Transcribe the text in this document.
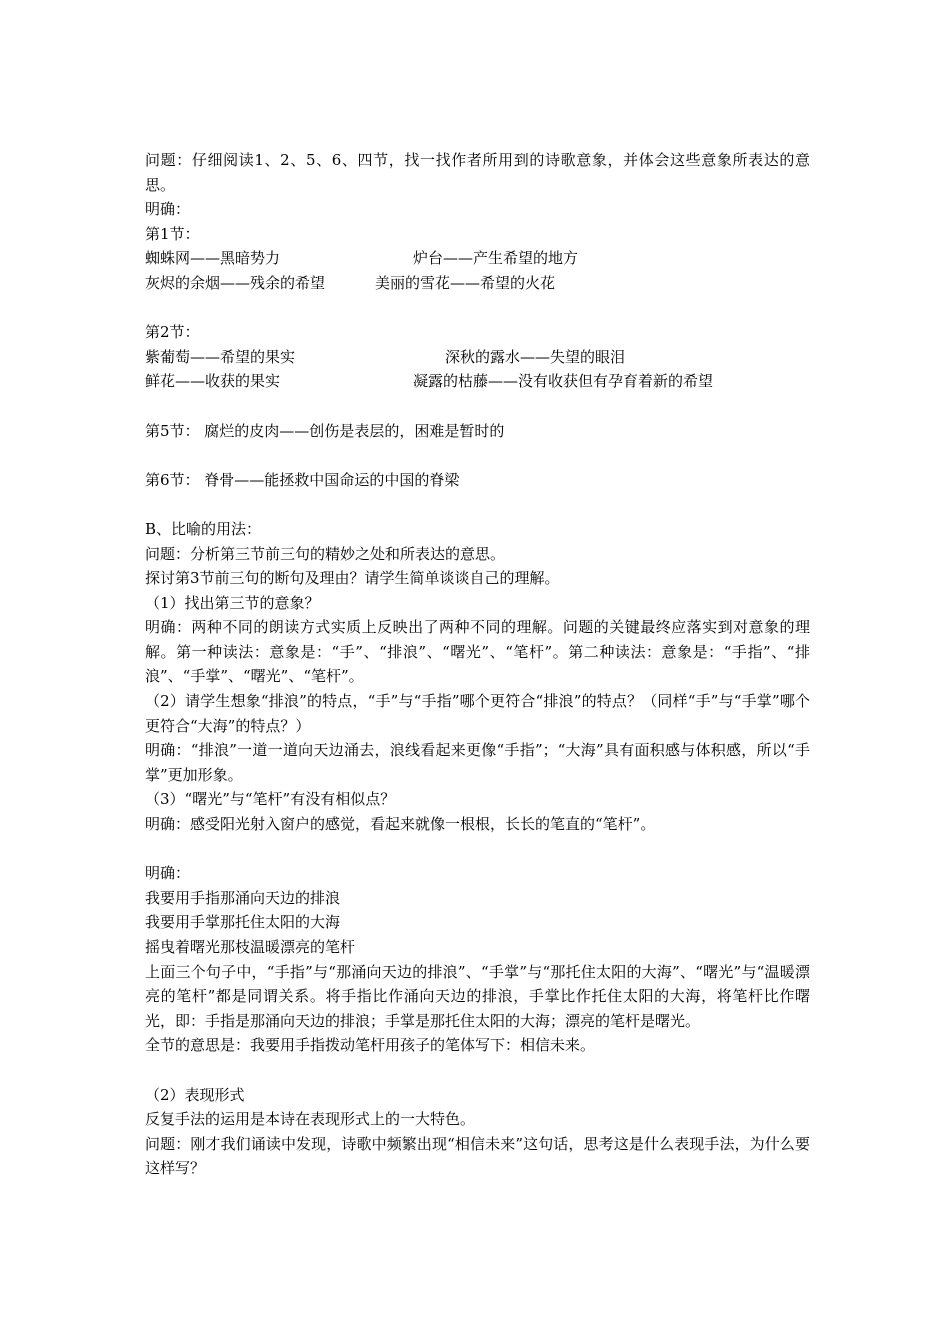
问题：仔细阅读1、2、5、6、四节，找一找作者所用到的诗歌意象，并体会这些意象所表达的意思。
明确：
第1节：
蜘蛛网——黑暗势力	炉台——产生希望的地方
灰烬的余烟——残余的希望	美丽的雪花——希望的火花
第2节：
紫葡萄——希望的果实	深秋的露水——失望的眼泪
鲜花——收获的果实	凝露的枯藤——没有收获但有孕育着新的希望
第5节： 腐烂的皮肉——创伤是表层的，困难是暂时的
第6节： 脊骨——能拯救中国命运的中国的脊梁
B、比喻的用法：
问题：分析第三节前三句的精妙之处和所表达的意思。
探讨第3节前三句的断句及理由？请学生简单谈谈自己的理解。
（1）找出第三节的意象？
明确：两种不同的朗读方式实质上反映出了两种不同的理解。问题的关键最终应落实到对意象的理解。第一种读法：意象是：“手”、“排浪”、“曙光”、“笔杆”。第二种读法：意象是：“手指”、“排浪”、“手掌”、“曙光”、“笔杆”。
（2）请学生想象“排浪”的特点，“手”与“手指”哪个更符合“排浪”的特点？（同样“手”与“手掌”哪个更符合“大海”的特点？）
明确：“排浪”一道一道向天边涌去，浪线看起来更像“手指”；“大海”具有面积感与体积感，所以“手掌”更加形象。
（3）“曙光”与“笔杆”有没有相似点？
明确：感受阳光射入窗户的感觉，看起来就像一根根，长长的笔直的“笔杆”。
明确：
我要用手指那涌向天边的排浪
我要用手掌那托住太阳的大海
摇曳着曙光那枝温暖漂亮的笔杆
上面三个句子中，“手指”与“那涌向天边的排浪”、“手掌”与“那托住太阳的大海”、“曙光”与“温暖漂亮的笔杆”都是同谓关系。将手指比作涌向天边的排浪，手掌比作托住太阳的大海，将笔杆比作曙光，即：手指是那涌向天边的排浪；手掌是那托住太阳的大海；漂亮的笔杆是曙光。
全节的意思是：我要用手指拨动笔杆用孩子的笔体写下：相信未来。
（2）表现形式
反复手法的运用是本诗在表现形式上的一大特色。
问题：刚才我们诵读中发现，诗歌中频繁出现“相信未来”这句话，思考这是什么表现手法，为什么要这样写？
